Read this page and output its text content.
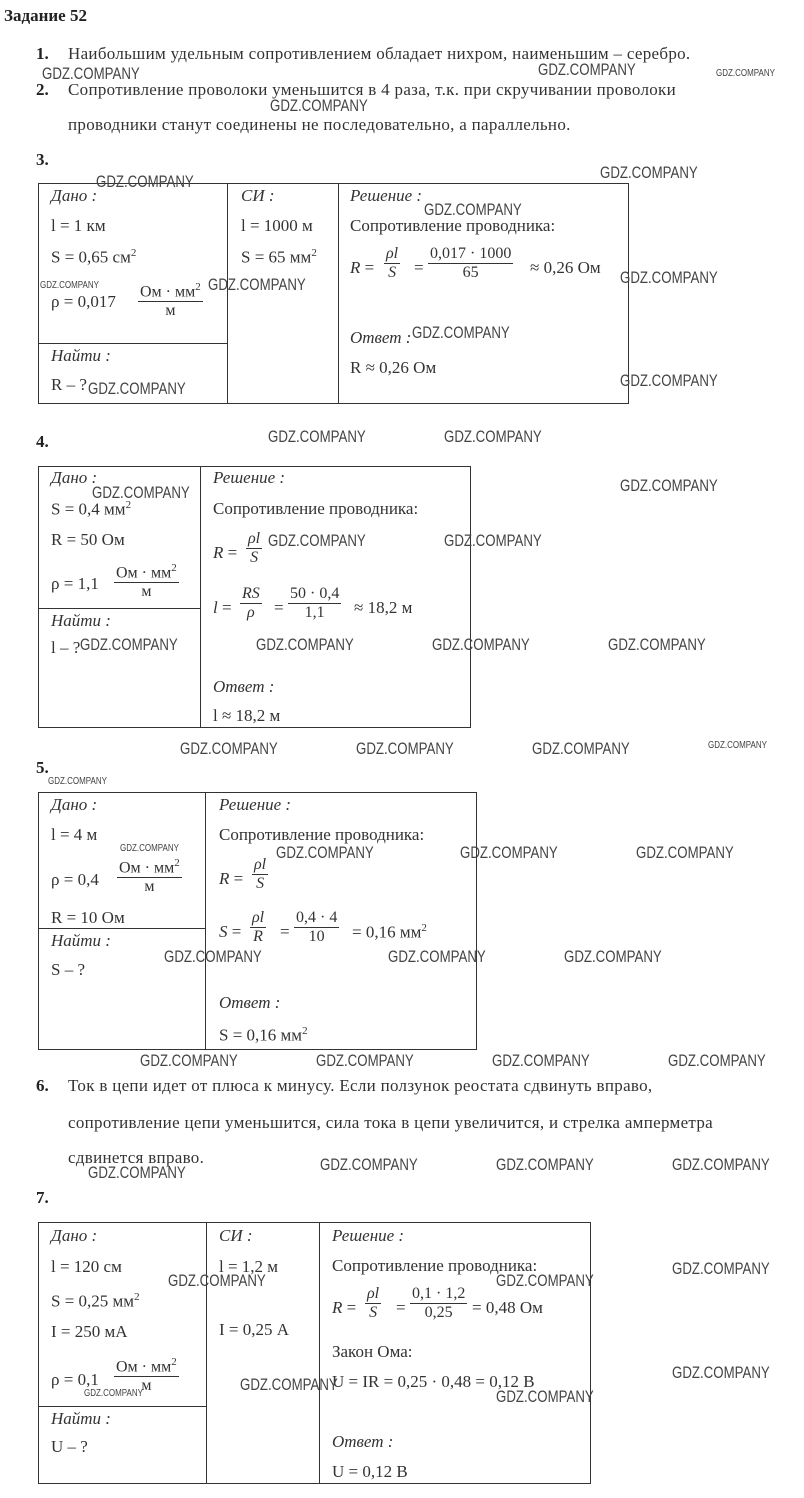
Задание 52
1. Наибольшим удельным сопротивлением обладает нихром, наименьшим – серебро.
2. Сопротивление проволоки уменьшится в 4 раза, т.к. при скручивании проволоки
проводники станут соединены не последовательно, а параллельно.
3.
Дано :
l = 1 км
S = 0,65 $см^2$
ρ = 0,017
Ом · $мм^2$
м
Найти :
R – ?
СИ :
l = 1000 м
S = 65 $мм^2$
Решение :
Сопротивление проводника:
$R = \frac{\rho l}{S} = \frac{0,017 \cdot 1000}{65} \approx 0,26$ Ом
Ответ :
R ≈ 0,26 Ом
4.
Дано :
S = 0,4 $мм^2$
R = 50 Ом
ρ = 1,1
Ом · $мм^2$
м
Найти :
l – ?
Решение :
Сопротивление проводника:
$R = \frac{\rho l}{S}$
$l = \frac{RS}{\rho} = \frac{50 \cdot 0,4}{1,1} \approx 18,2$ м
Ответ :
l ≈ 18,2 м
5.
Дано :
l = 4 м
ρ = 0,4
Ом · $мм^2$
м
R = 10 Ом
Найти :
S – ?
Решение :
Сопротивление проводника:
$R = \frac{\rho l}{S}$
$S = \frac{\rho l}{R} = \frac{0,4 \cdot 4}{10} = 0,16$ $мм^2$
Ответ :
S = 0,16 $мм^2$
6. Ток в цепи идет от плюса к минусу. Если ползунок реостата сдвинуть вправо,
сопротивление цепи уменьшится, сила тока в цепи увеличится, и стрелка амперметра
сдвинется вправо.
7.
Дано :
l = 120 см
S = 0,25 $мм^2$
I = 250 мА
ρ = 0,1
Ом · $мм^2$
м
Найти :
U – ?
СИ :
l = 1,2 м
I = 0,25 А
Решение :
Сопротивление проводника:
$R = \frac{\rho l}{S} = \frac{0,1 \cdot 1,2}{0,25} = 0,48$ Ом
Закон Ома:
U = IR = 0,25 · 0,48 = 0,12 В
Ответ :
U = 0,12 В
GDZ.COMPANY	GDZ.COMPANY	GDZ.COMPANY
GDZ.COMPANY
GDZ.COMPANY
GDZ.COMPANY
GDZ.COMPANY
GDZ.COMPANY
GDZ.COMPANY
GDZ.COMPANY
GDZ.COMPANY
GDZ.COMPANY
GDZ.COMPANY
GDZ.COMPANY	GDZ.COMPANY
GDZ.COMPANY
GDZ.COMPANY
GDZ.COMPANY	GDZ.COMPANY
GDZ.COMPANY	GDZ.COMPANY	GDZ.COMPANY	GDZ.COMPANY
GDZ.COMPANY	GDZ.COMPANY	GDZ.COMPANY	GDZ.COMPANY
GDZ.COMPANY
GDZ.COMPANY	GDZ.COMPANY	GDZ.COMPANY	GDZ.COMPANY
GDZ.COMPANY	GDZ.COMPANY	GDZ.COMPANY
GDZ.COMPANY	GDZ.COMPANY	GDZ.COMPANY	GDZ.COMPANY
GDZ.COMPANY	GDZ.COMPANY	GDZ.COMPANY	GDZ.COMPANY
GDZ.COMPANY
GDZ.COMPANY	GDZ.COMPANY
GDZ.COMPANY
GDZ.COMPANY
GDZ.COMPANY	GDZ.COMPANY
